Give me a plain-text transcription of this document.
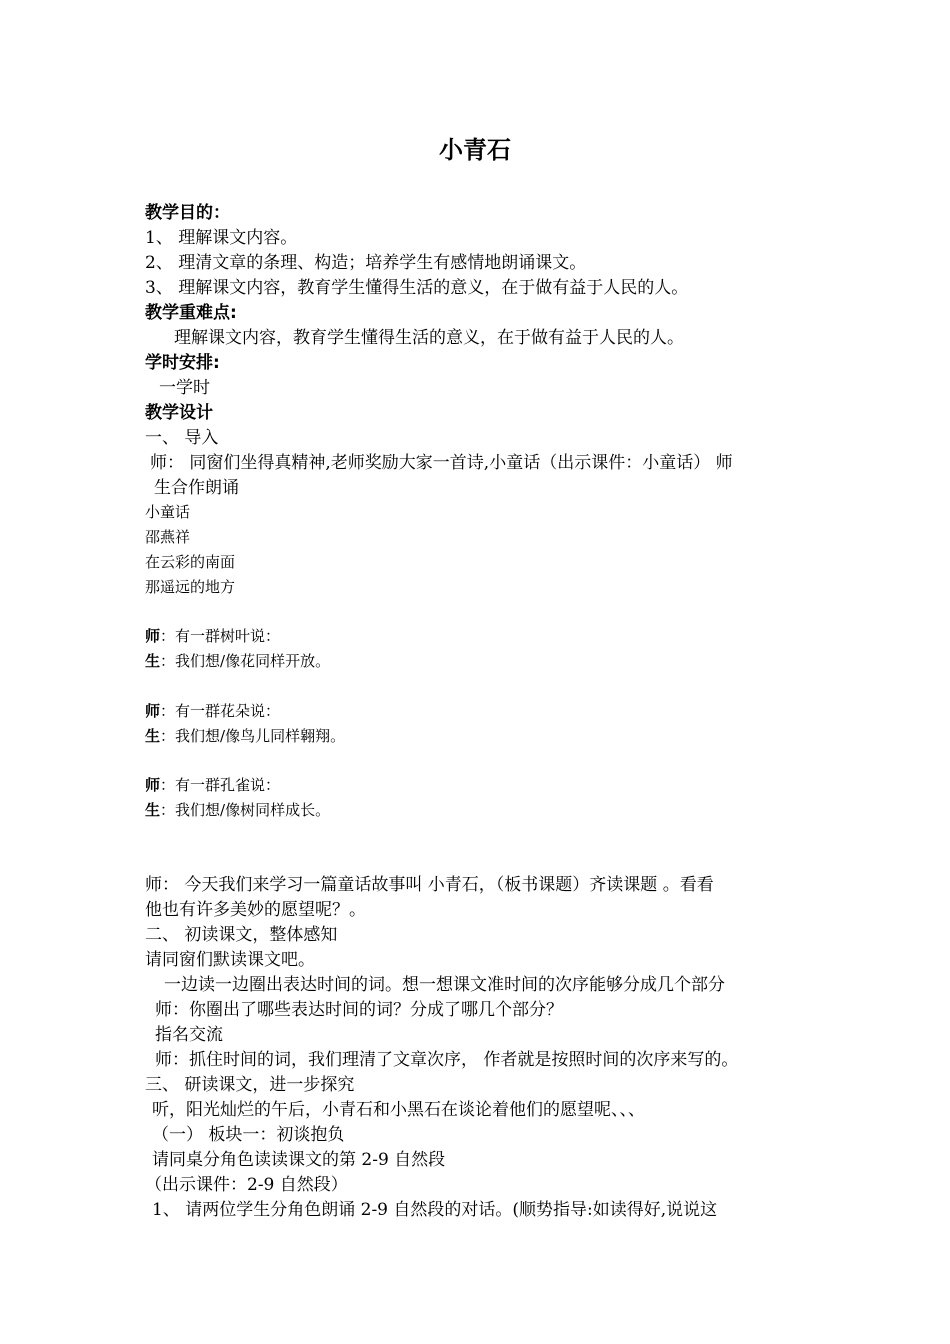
小青石
教学目的：
1、 理解课文内容。
2、 理清文章的条理、构造；培养学生有感情地朗诵课文。
3、 理解课文内容，教育学生懂得生活的意义，在于做有益于人民的人。
教学重难点:
理解课文内容，教育学生懂得生活的意义，在于做有益于人民的人。
学时安排:
一学时
教学设计
一、 导入
师： 同窗们坐得真精神,老师奖励大家一首诗,小童话（出示课件：小童话） 师
生合作朗诵
小童话
邵燕祥
在云彩的南面
那遥远的地方
师：有一群树叶说：
生：我们想/像花同样开放。
师：有一群花朵说：
生：我们想/像鸟儿同样翱翔。
师：有一群孔雀说：
生：我们想/像树同样成长。
师： 今天我们来学习一篇童话故事叫 小青石，（板书课题）齐读课题 。看看
他也有许多美妙的愿望呢？。
二、 初读课文，整体感知
请同窗们默读课文吧。
一边读一边圈出表达时间的词。想一想课文准时间的次序能够分成几个部分
师：你圈出了哪些表达时间的词？分成了哪几个部分？
指名交流
师：抓住时间的词，我们理清了文章次序， 作者就是按照时间的次序来写的。
三、 研读课文，进一步探究
听，阳光灿烂的午后，小青石和小黑石在谈论着他们的愿望呢、、、
（一） 板块一：初谈抱负
请同桌分角色读读课文的第 2-9 自然段
（出示课件：2-9 自然段）
1、 请两位学生分角色朗诵 2-9 自然段的对话。(顺势指导:如读得好,说说这
